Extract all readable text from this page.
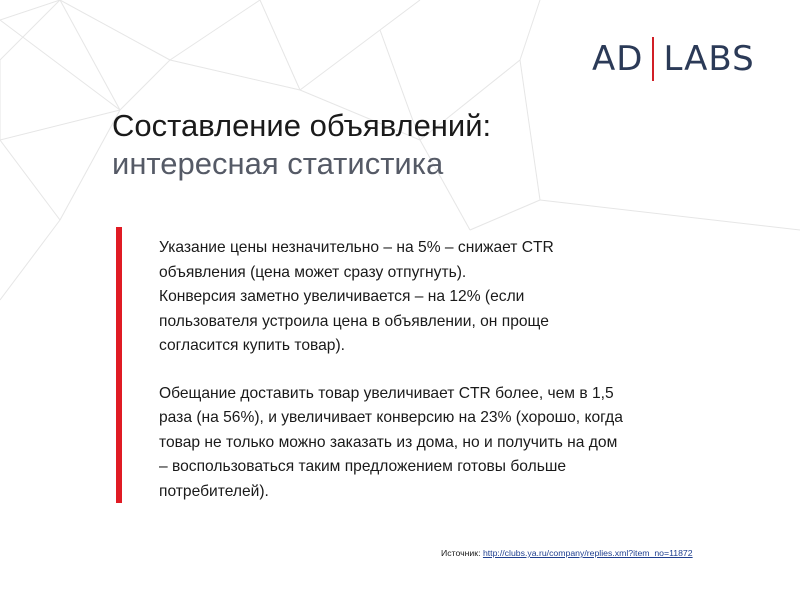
AD LABS
Составление объявлений:
интересная статистика

Указание цены незначительно – на 5% – снижает CTR
объявления (цена может сразу отпугнуть).
Конверсия заметно увеличивается – на 12% (если
пользователя устроила цена в объявлении, он проще
согласится купить товар).

Обещание доставить товар увеличивает CTR более, чем в 1,5
раза (на 56%), и увеличивает конверсию на 23% (хорошо, когда
товар не только можно заказать из дома, но и получить на дом
– воспользоваться таким предложением готовы больше
потребителей).

Источник: http://clubs.ya.ru/company/replies.xml?item_no=11872
